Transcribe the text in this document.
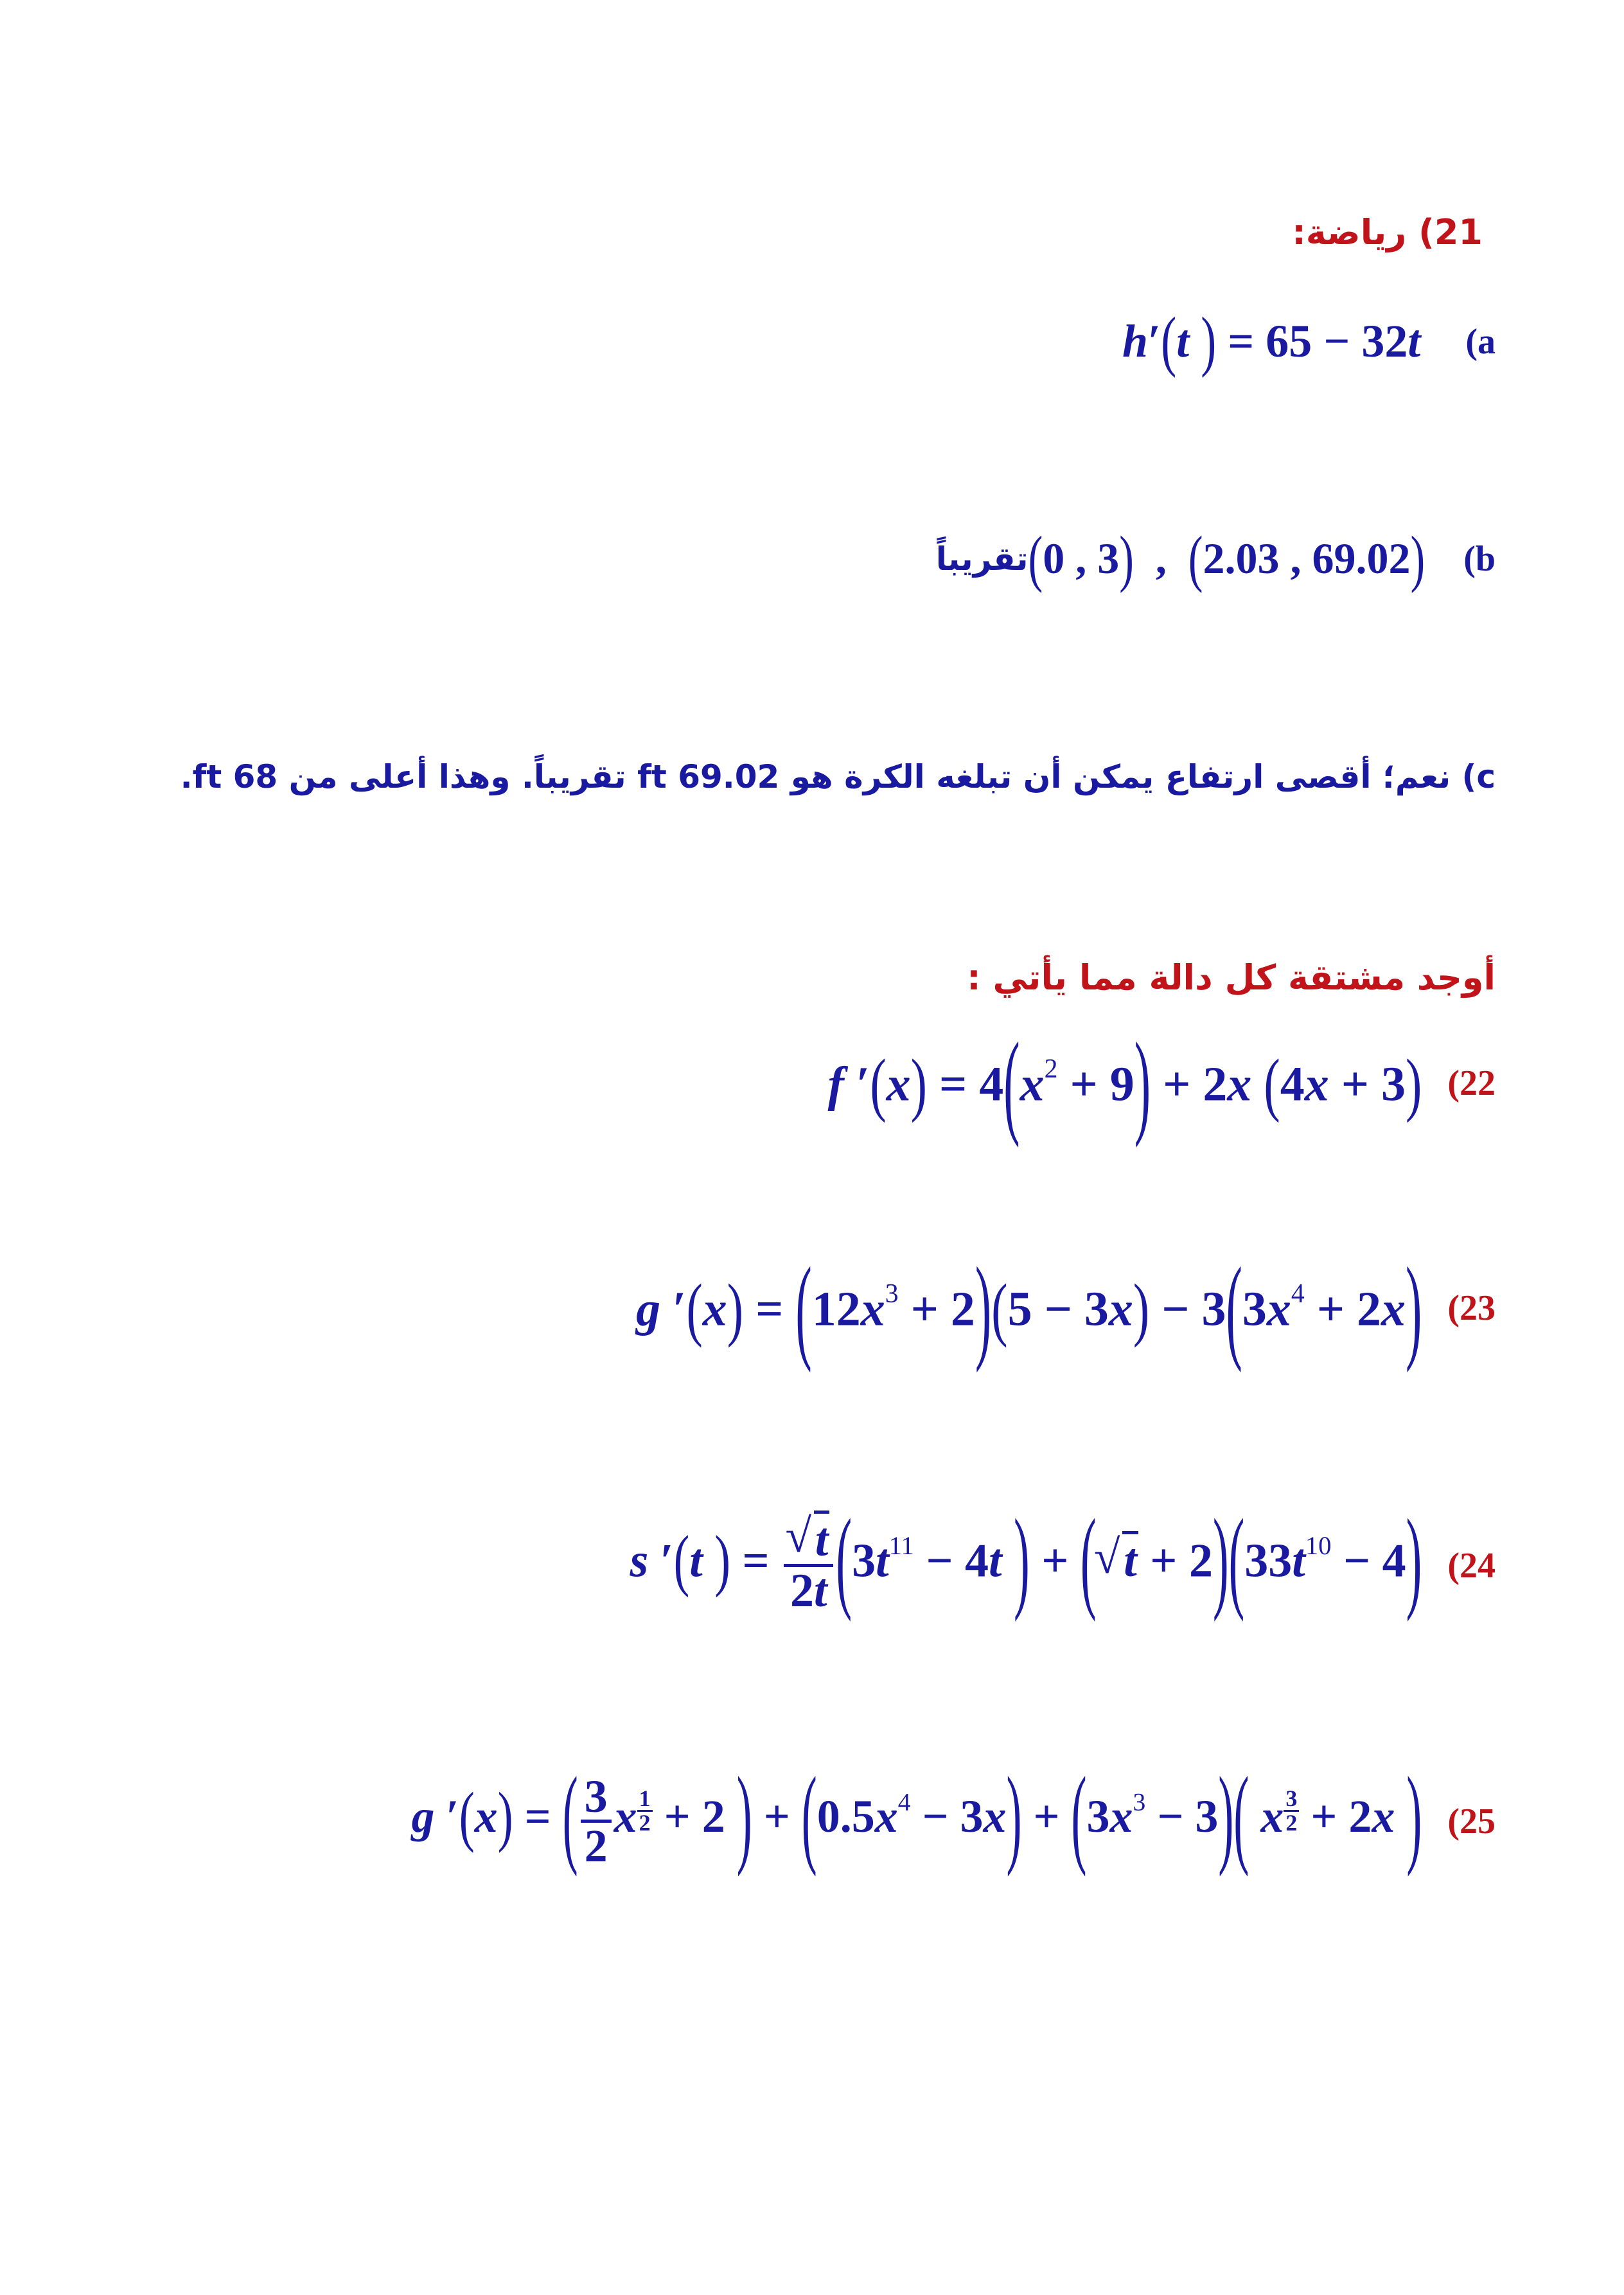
21) رياضة:
h′(t ) = 65 − 32t (a
تقريباً (0 , 3)  ,  (2.03 , 69.02) (b
c) نعم؛ أقصى ارتفاع يمكن أن تبلغه الكرة هو 69.02 ft تقريباً. وهذا أعلى من 68 ft.
أوجد مشتقة كل دالة مما يأتي :
f $'(x) = 4(x^2 + 9) + 2x$ (4x + 3) (22
g $'(x) = (12x^3 + 2)(5 - 3x) - 3(3x^4 + 2x)$ (23
s ′(t ) = √ $\frac{t}{2t} (3t^{11} - 4t$ ) + ( √ $t + 2)(33t^{10} - 4)$ (24
g ′(x) = ( $\frac{3}{2}$ x $\frac{1}{2} + 2$ ) + $(0.5x^4 - 3x) + (3x^3 - 3)$( x $\frac{3}{2} + 2x$ ) (25
